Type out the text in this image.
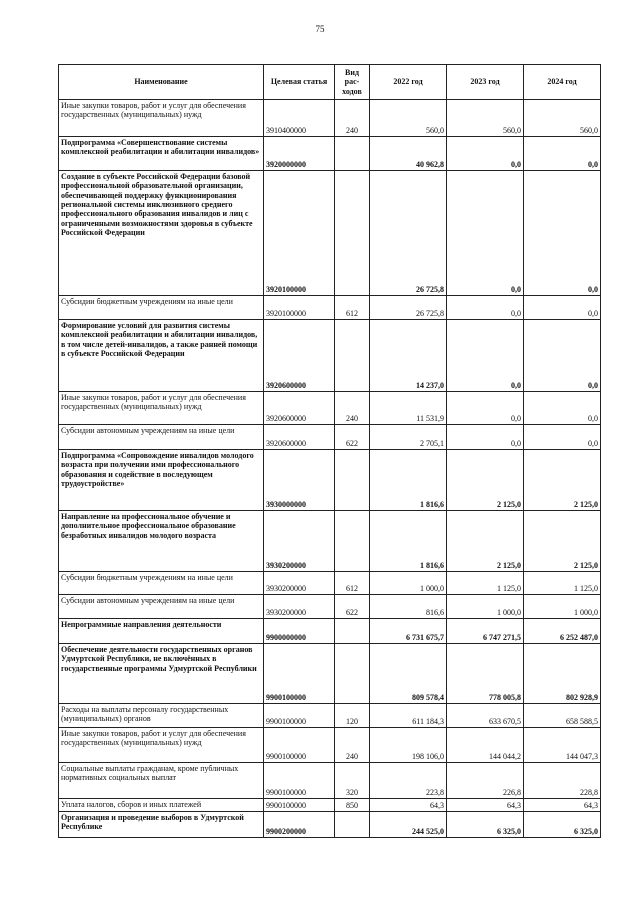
75
Наименование	Целевая статья	Вид рас-ходов	2022 год	2023 год	2024 год
Иные закупки товаров, работ и услуг для обеспечения государственных (муниципальных) нужд	3910400000	240	560,0	560,0	560,0
Подпрограмма «Совершенствование системы комплексной реабилитации и абилитации инвалидов»	3920000000		40 962,8	0,0	0,0
Создание в субъекте Российской Федерации базовой профессиональной образовательной организации, обеспечивающей поддержку функционирования региональной системы инклюзивного среднего профессионального образования инвалидов и лиц с ограниченными возможностями здоровья в субъекте Российской Федерации	3920100000		26 725,8	0,0	0,0
Субсидии бюджетным учреждениям на иные цели	3920100000	612	26 725,8	0,0	0,0
Формирование условий для развития системы комплексной реабилитации и абилитации инвалидов, в том числе детей-инвалидов, а также ранней помощи в субъекте Российской Федерации	3920600000		14 237,0	0,0	0,0
Иные закупки товаров, работ и услуг для обеспечения государственных (муниципальных) нужд	3920600000	240	11 531,9	0,0	0,0
Субсидии автономным учреждениям на иные цели	3920600000	622	2 705,1	0,0	0,0
Подпрограмма «Сопровождение инвалидов молодого возраста при получении ими профессионального образования и содействие в последующем трудоустройстве»	3930000000		1 816,6	2 125,0	2 125,0
Направление на профессиональное обучение и дополнительное профессиональное образование безработных инвалидов молодого возраста	3930200000		1 816,6	2 125,0	2 125,0
Субсидии бюджетным учреждениям на иные цели	3930200000	612	1 000,0	1 125,0	1 125,0
Субсидии автономным учреждениям на иные цели	3930200000	622	816,6	1 000,0	1 000,0
Непрограммные направления деятельности	9900000000		6 731 675,7	6 747 271,5	6 252 487,0
Обеспечение деятельности государственных органов Удмуртской Республики, не включённых в государственные программы Удмуртской Республики	9900100000		809 578,4	778 005,8	802 928,9
Расходы на выплаты персоналу государственных (муниципальных) органов	9900100000	120	611 184,3	633 670,5	658 588,5
Иные закупки товаров, работ и услуг для обеспечения государственных (муниципальных) нужд	9900100000	240	198 106,0	144 044,2	144 047,3
Социальные выплаты гражданам, кроме публичных нормативных социальных выплат	9900100000	320	223,8	226,8	228,8
Уплата налогов, сборов и иных платежей	9900100000	850	64,3	64,3	64,3
Организация и проведение выборов в Удмуртской Республике	9900200000		244 525,0	6 325,0	6 325,0
